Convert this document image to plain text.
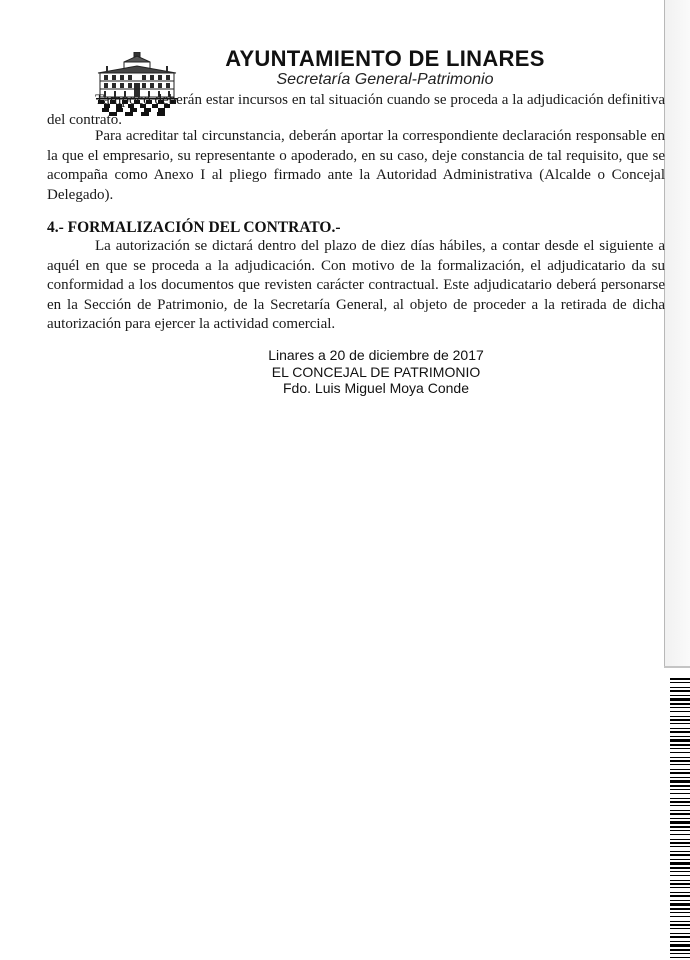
AYUNTAMIENTO DE LINARES
Secretaría General-Patrimonio

Tampoco deberán estar incursos en tal situación cuando se proceda a la adjudicación definitiva del contrato.

Para acreditar tal circunstancia, deberán aportar la correspondiente declaración responsable en la que el empresario, su representante o apoderado, en su caso, deje constancia de tal requisito, que se acompaña como Anexo I al pliego firmado ante la Autoridad Administrativa (Alcalde o Concejal Delegado).

4.- FORMALIZACIÓN DEL CONTRATO.-

La autorización se dictará dentro del plazo de diez días hábiles, a contar desde el siguiente a aquél en que se proceda a la adjudicación. Con motivo de la formalización, el adjudicatario da su conformidad a los documentos que revisten carácter contractual. Este adjudicatario deberá personarse en la Sección de Patrimonio, de la Secretaría General, al objeto de proceder a la retirada de dicha autorización para ejercer la actividad comercial.

Linares a 20 de diciembre de 2017
EL CONCEJAL DE PATRIMONIO
Fdo. Luis Miguel Moya Conde
